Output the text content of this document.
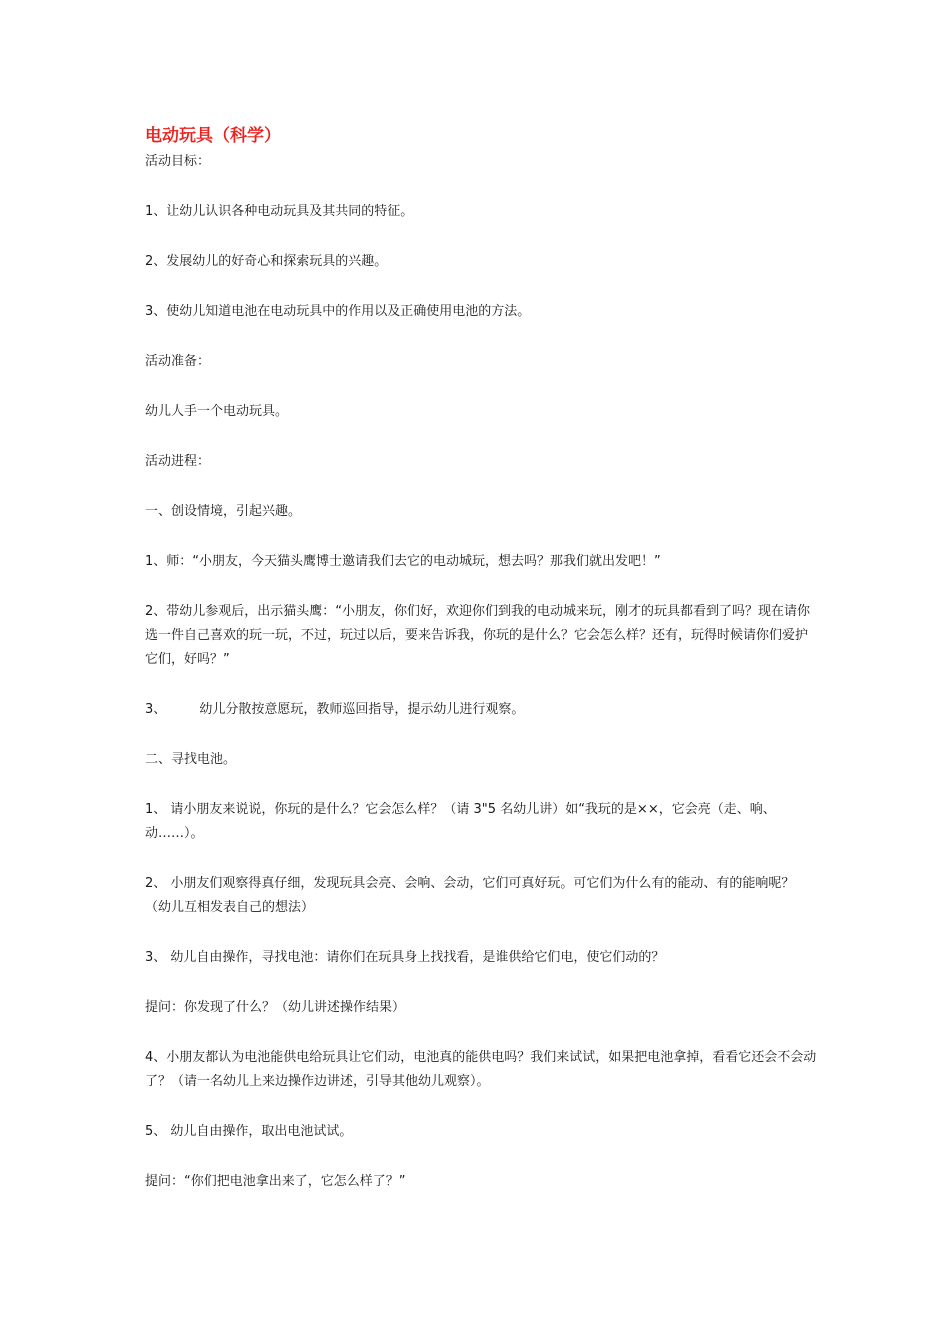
电动玩具（科学）

活动目标：

1、让幼儿认识各种电动玩具及其共同的特征。

2、发展幼儿的好奇心和探索玩具的兴趣。

3、使幼儿知道电池在电动玩具中的作用以及正确使用电池的方法。

活动准备：

幼儿人手一个电动玩具。

活动进程：

一、创设情境，引起兴趣。

1、师：“小朋友，今天猫头鹰博士邀请我们去它的电动城玩，想去吗？那我们就出发吧！”

2、带幼儿参观后，出示猫头鹰：“小朋友，你们好，欢迎你们到我的电动城来玩，刚才的玩具都看到了吗？现在请你选一件自己喜欢的玩一玩，不过，玩过以后，要来告诉我，你玩的是什么？它会怎么样？还有，玩得时候请你们爱护它们，好吗？”

3、        幼儿分散按意愿玩，教师巡回指导，提示幼儿进行观察。

二、寻找电池。

1、 请小朋友来说说，你玩的是什么？它会怎么样？（请 3"5 名幼儿讲）如“我玩的是××，它会亮（走、响、动……）。

2、 小朋友们观察得真仔细，发现玩具会亮、会响、会动，它们可真好玩。可它们为什么有的能动、有的能响呢？（幼儿互相发表自己的想法）

3、 幼儿自由操作，寻找电池：请你们在玩具身上找找看，是谁供给它们电，使它们动的？

提问：你发现了什么？（幼儿讲述操作结果）

4、小朋友都认为电池能供电给玩具让它们动，电池真的能供电吗？我们来试试，如果把电池拿掉，看看它还会不会动了？（请一名幼儿上来边操作边讲述，引导其他幼儿观察）。

5、 幼儿自由操作，取出电池试试。

提问：“你们把电池拿出来了，它怎么样了？”
